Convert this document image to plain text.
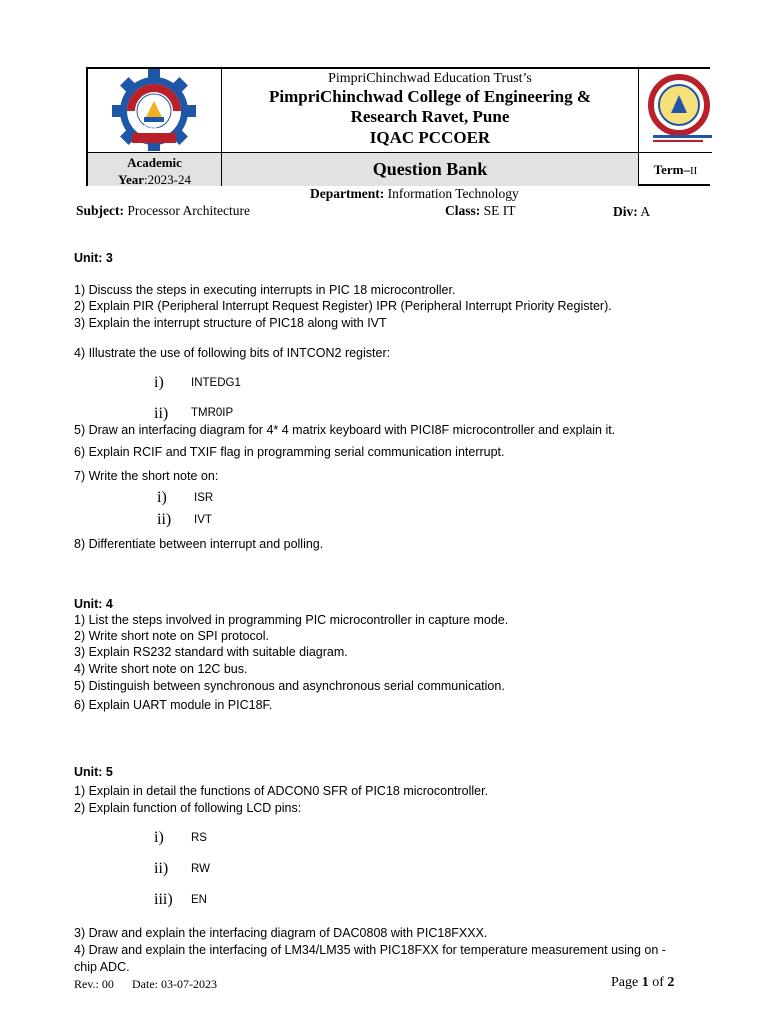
PCCOER
PimpriChinchwad Education Trust’s
PimpriChinchwad College of Engineering &
Research Ravet, Pune
IQAC PCCOER
Academic
Year:2023-24
Question Bank	Term–II
Department: Information Technology
Subject: Processor Architecture	Class: SE IT	Div: A
Unit: 3
1) Discuss the steps in executing interrupts in PIC 18 microcontroller.
2) Explain PIR (Peripheral Interrupt Request Register) IPR (Peripheral Interrupt Priority Register).
3) Explain the interrupt structure of PIC18 along with IVT
4) Illustrate the use of following bits of INTCON2 register:
i) INTEDG1
ii) TMR0IP
5) Draw an interfacing diagram for 4* 4 matrix keyboard with PICI8F microcontroller and explain it.
6) Explain RCIF and TXIF flag in programming serial communication interrupt.
7) Write the short note on:
i) ISR
ii) IVT
8) Differentiate between interrupt and polling.
Unit: 4
1) List the steps involved in programming PIC microcontroller in capture mode.
2) Write short note on SPI protocol.
3) Explain RS232 standard with suitable diagram.
4) Write short note on 12C bus.
5) Distinguish between synchronous and asynchronous serial communication.
6) Explain UART module in PIC18F.
Unit: 5
1) Explain in detail the functions of ADCON0 SFR of PIC18 microcontroller.
2) Explain function of following LCD pins:
i) RS
ii) RW
iii) EN
3) Draw and explain the interfacing diagram of DAC0808 with PIC18FXXX.
4) Draw and explain the interfacing of LM34/LM35 with PIC18FXX for temperature measurement using on -
chip ADC.
Rev.: 00 Date: 03-07-2023	Page 1 of 2
